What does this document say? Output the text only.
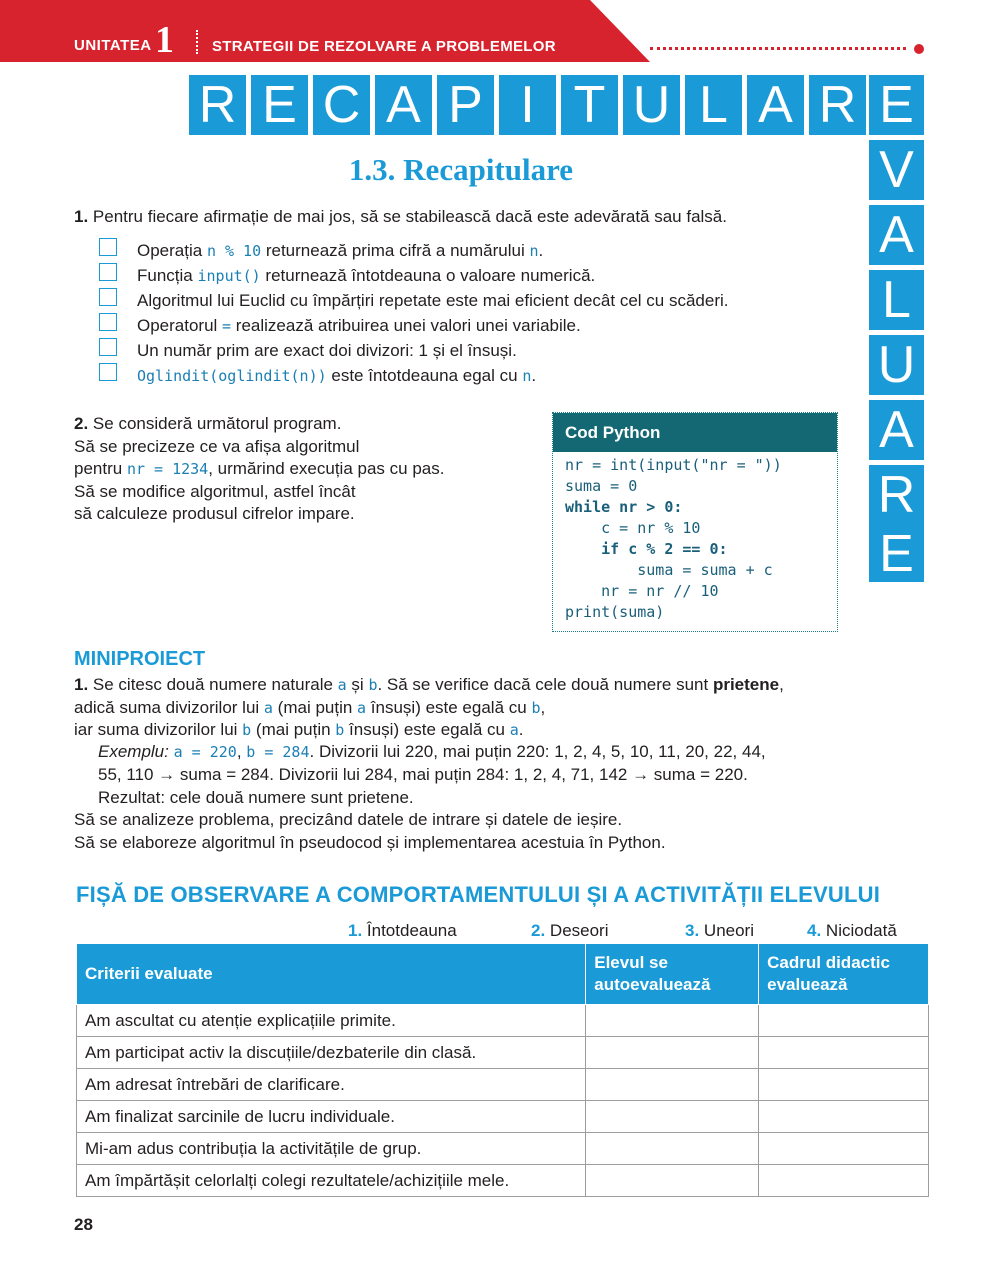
UNITATEA 1	STRATEGII DE REZOLVARE A PROBLEMELOR
R E C A P I T U L A R E
V
A
L
U
A
R
E
1.3. Recapitulare
1. Pentru fiecare afirmație de mai jos, să se stabilească dacă este adevărată sau falsă.
Operația n % 10 returnează prima cifră a numărului n.
Funcția input() returnează întotdeauna o valoare numerică.
Algoritmul lui Euclid cu împărțiri repetate este mai eficient decât cel cu scăderi.
Operatorul = realizează atribuirea unei valori unei variabile.
Un număr prim are exact doi divizori: 1 și el însuși.
Oglindit(oglindit(n)) este întotdeauna egal cu n.
2. Se consideră următorul program.
Să se precizeze ce va afișa algoritmul
pentru nr = 1234, urmărind execuția pas cu pas.
Să se modifice algoritmul, astfel încât
să calculeze produsul cifrelor impare.
Cod Python
nr = int(input("nr = "))
suma = 0
while nr > 0:
c = nr % 10
if c % 2 == 0:
suma = suma + c
nr = nr // 10
print(suma)
MINIPROIECT
1. Se citesc două numere naturale a și b. Să se verifice dacă cele două numere sunt prietene,
adică suma divizorilor lui a (mai puțin a însuși) este egală cu b,
iar suma divizorilor lui b (mai puțin b însuși) este egală cu a.
Exemplu: a = 220, b = 284. Divizorii lui 220, mai puțin 220: 1, 2, 4, 5, 10, 11, 20, 22, 44,
55, 110 → suma = 284. Divizorii lui 284, mai puțin 284: 1, 2, 4, 71, 142 → suma = 220.
Rezultat: cele două numere sunt prietene.
Să se analizeze problema, precizând datele de intrare și datele de ieșire.
Să se elaboreze algoritmul în pseudocod și implementarea acestuia în Python.
FIȘĂ DE OBSERVARE A COMPORTAMENTULUI ȘI A ACTIVITĂȚII ELEVULUI
1. Întotdeauna	2. Deseori	3. Uneori	4. Niciodată
Criterii evaluate	Elevul se autoevaluează	Cadrul didactic evaluează
Am ascultat cu atenție explicațiile primite.		
Am participat activ la discuțiile/dezbaterile din clasă.		
Am adresat întrebări de clarificare.		
Am finalizat sarcinile de lucru individuale.		
Mi-am adus contribuția la activitățile de grup.		
Am împărtășit celorlalți colegi rezultatele/achizițiile mele.		
28
